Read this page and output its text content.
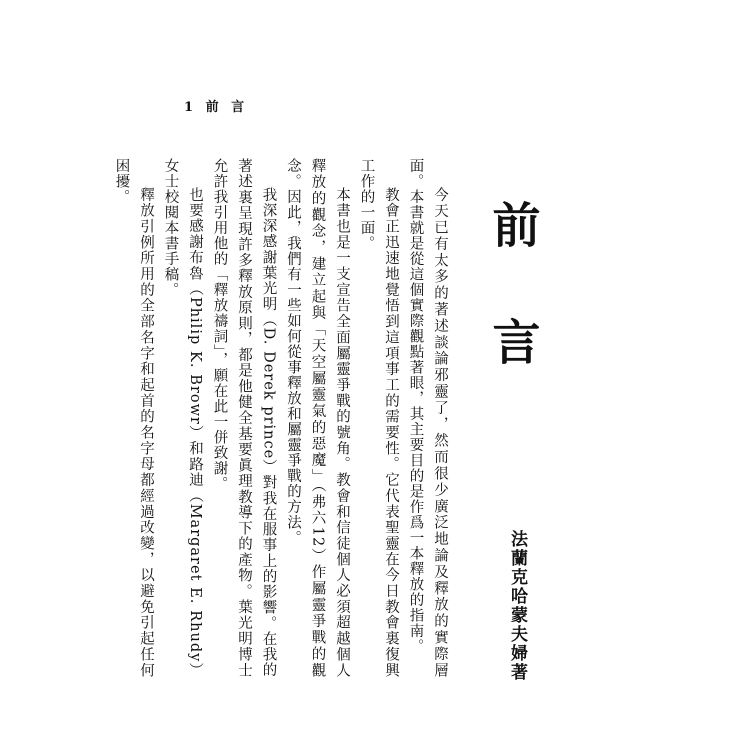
1 前 言
前 言
法蘭克哈蒙夫婦著

今天已有太多的著述談論邪靈了，然而很少廣泛地論及釋放的實際層面。本書就是從這個實際觀點著眼，其主要目的是作爲一本釋放的指南。

教會正迅速地覺悟到這項事工的需要性。它代表聖靈在今日教會裏復興工作的一面。

本書也是一支宣告全面屬靈爭戰的號角。教會和信徒個人必須超越個人釋放的觀念，建立起與「天空屬靈氣的惡魔」（弗六12）作屬靈爭戰的觀念。因此，我們有一些如何從事釋放和屬靈爭戰的方法。

我深深感謝葉光明（D. Derek prince）對我在服事上的影響。在我的著述裏呈現許多釋放原則，都是他健全基要眞理教導下的產物。葉光明博士允許我引用他的「釋放禱詞」，願在此一併致謝。

也要感謝布魯（Philip K. Browr）和路迪（Margaret E. Rhudy）女士校閱本書手稿。

釋放引例所用的全部名字和起首的名字母都經過改變，以避免引起任何困擾。
